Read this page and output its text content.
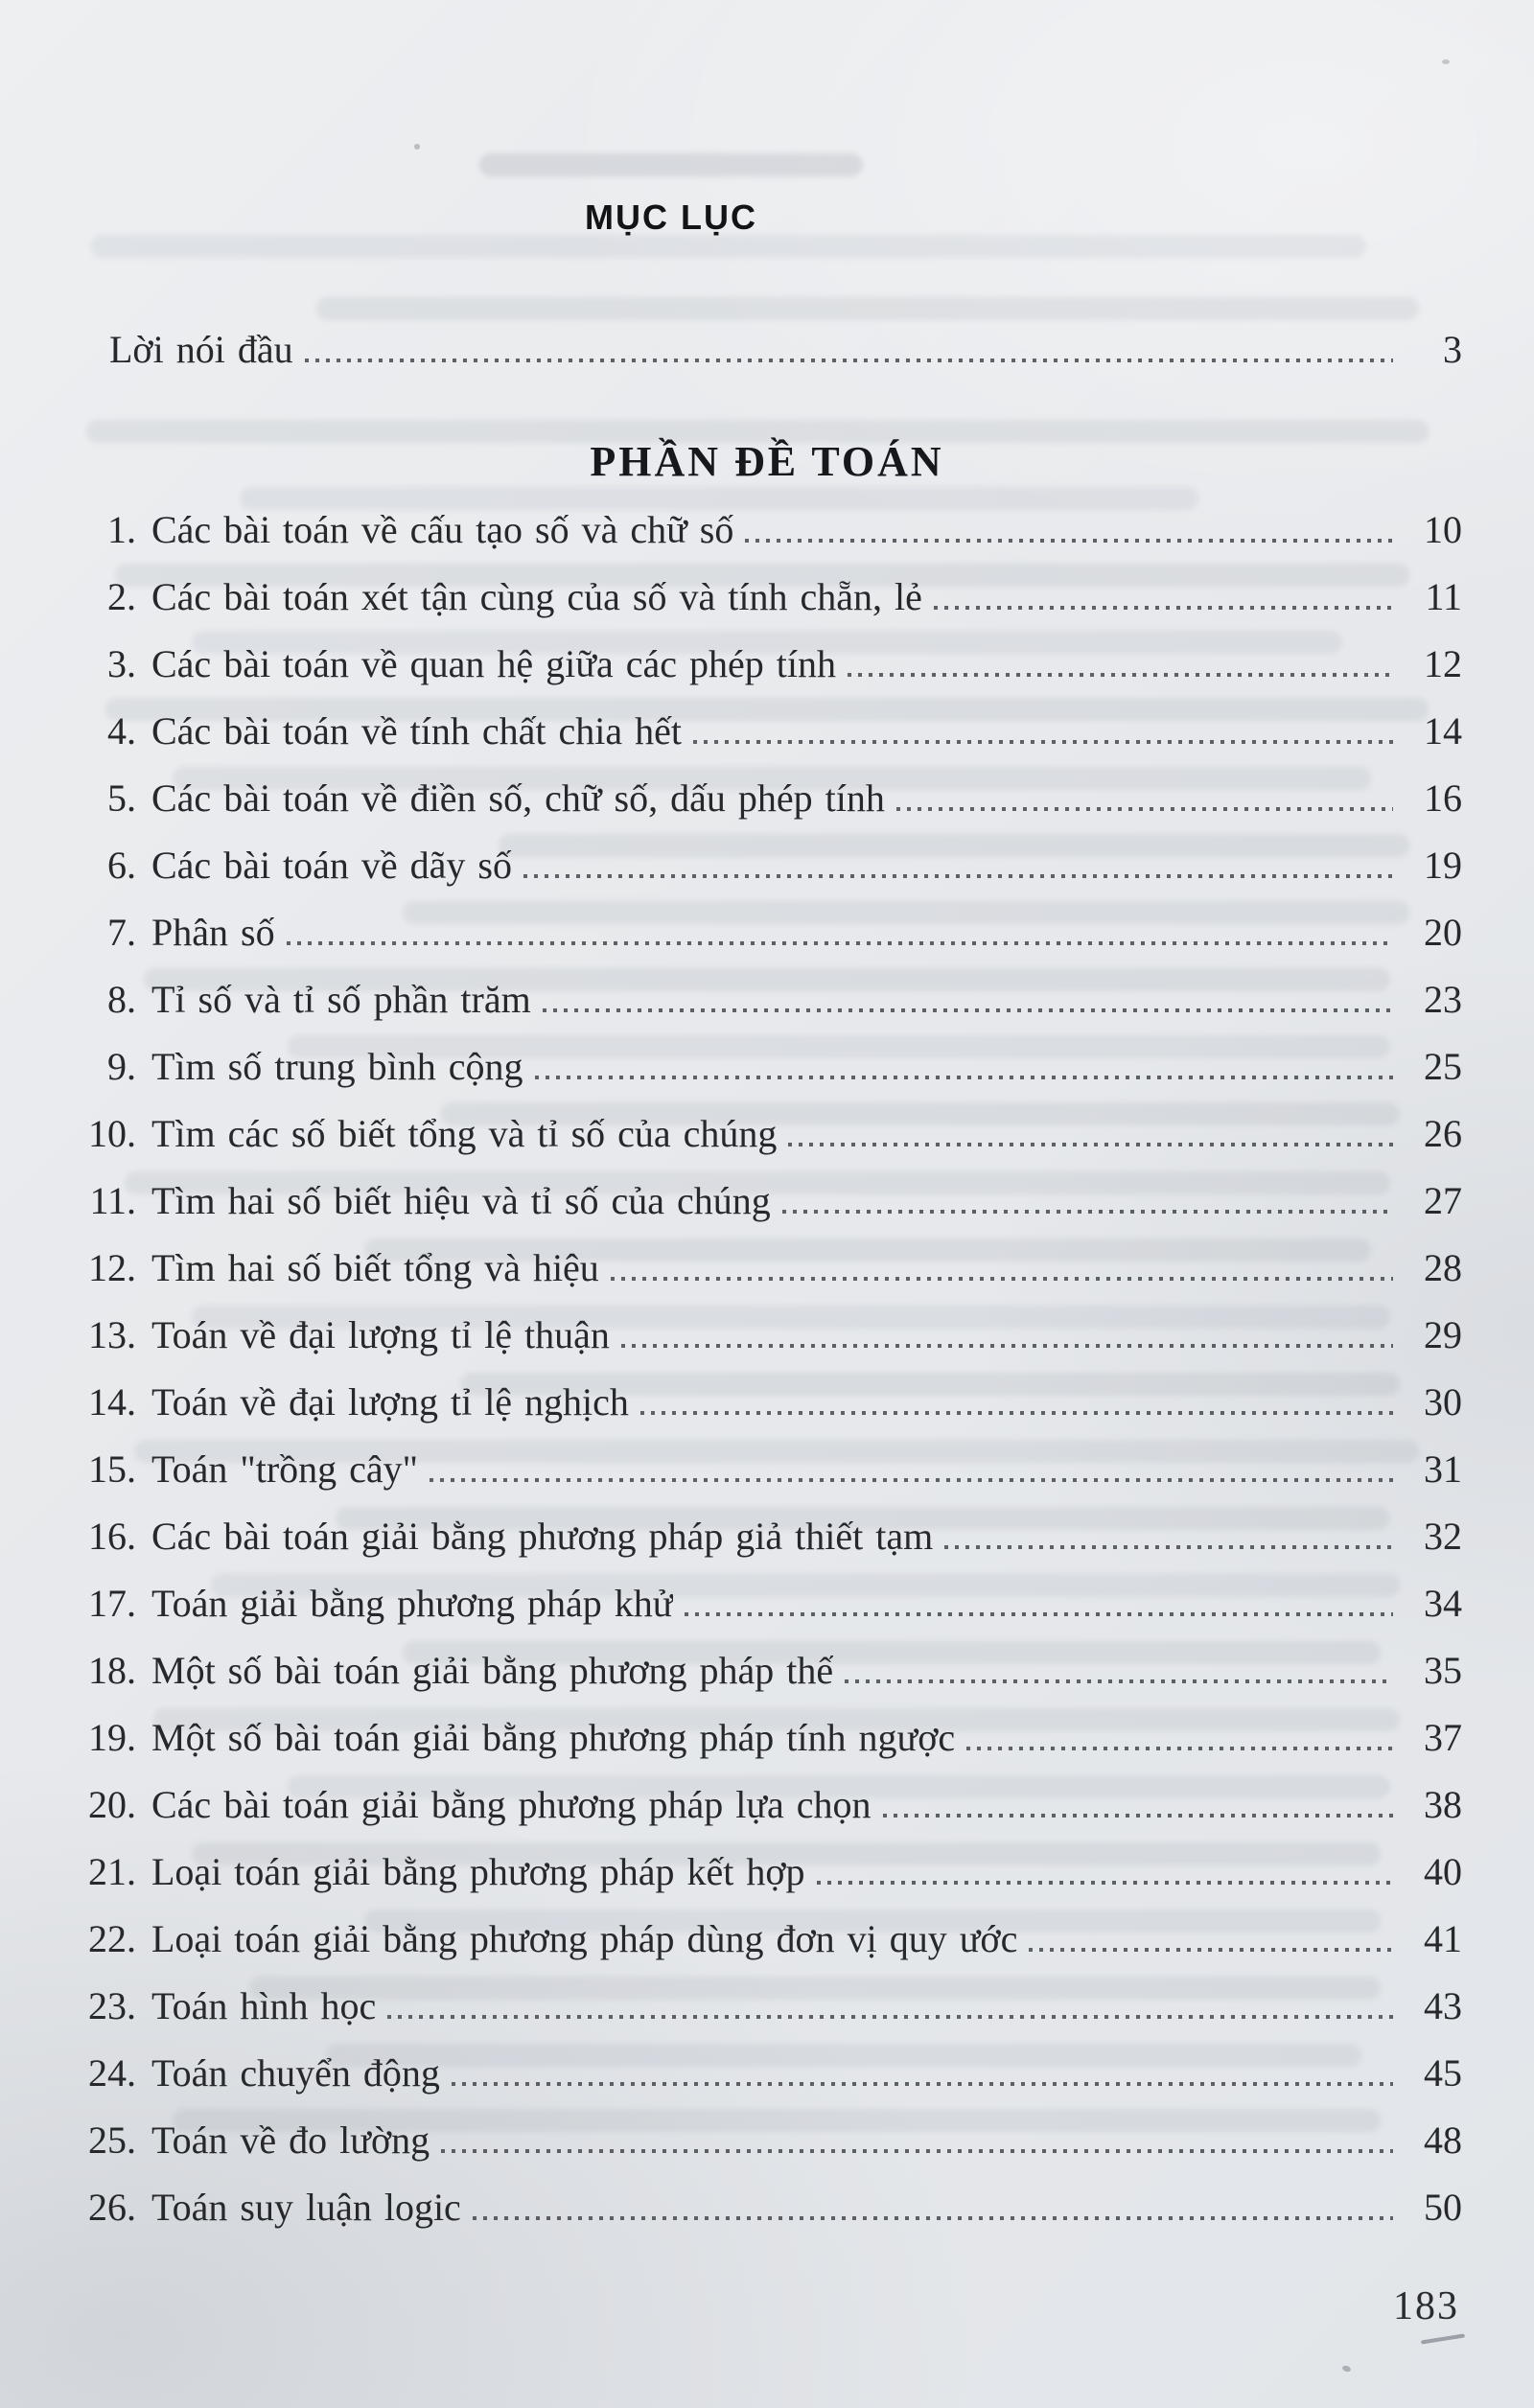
MỤC LỤC
Lời nói đầu	3
PHẦN ĐỀ TOÁN
1. Các bài toán về cấu tạo số và chữ số	10
2. Các bài toán xét tận cùng của số và tính chẵn, lẻ	11
3. Các bài toán về quan hệ giữa các phép tính	12
4. Các bài toán về tính chất chia hết	14
5. Các bài toán về điền số, chữ số, dấu phép tính	16
6. Các bài toán về dãy số	19
7. Phân số	20
8. Tỉ số và tỉ số phần trăm	23
9. Tìm số trung bình cộng	25
10. Tìm các số biết tổng và tỉ số của chúng	26
11. Tìm hai số biết hiệu và tỉ số của chúng	27
12. Tìm hai số biết tổng và hiệu	28
13. Toán về đại lượng tỉ lệ thuận	29
14. Toán về đại lượng tỉ lệ nghịch	30
15. Toán "trồng cây"	31
16. Các bài toán giải bằng phương pháp giả thiết tạm	32
17. Toán giải bằng phương pháp khử	34
18. Một số bài toán giải bằng phương pháp thế	35
19. Một số bài toán giải bằng phương pháp tính ngược	37
20. Các bài toán giải bằng phương pháp lựa chọn	38
21. Loại toán giải bằng phương pháp kết hợp	40
22. Loại toán giải bằng phương pháp dùng đơn vị quy ước	41
23. Toán hình học	43
24. Toán chuyển động	45
25. Toán về đo lường	48
26. Toán suy luận logic	50
183
